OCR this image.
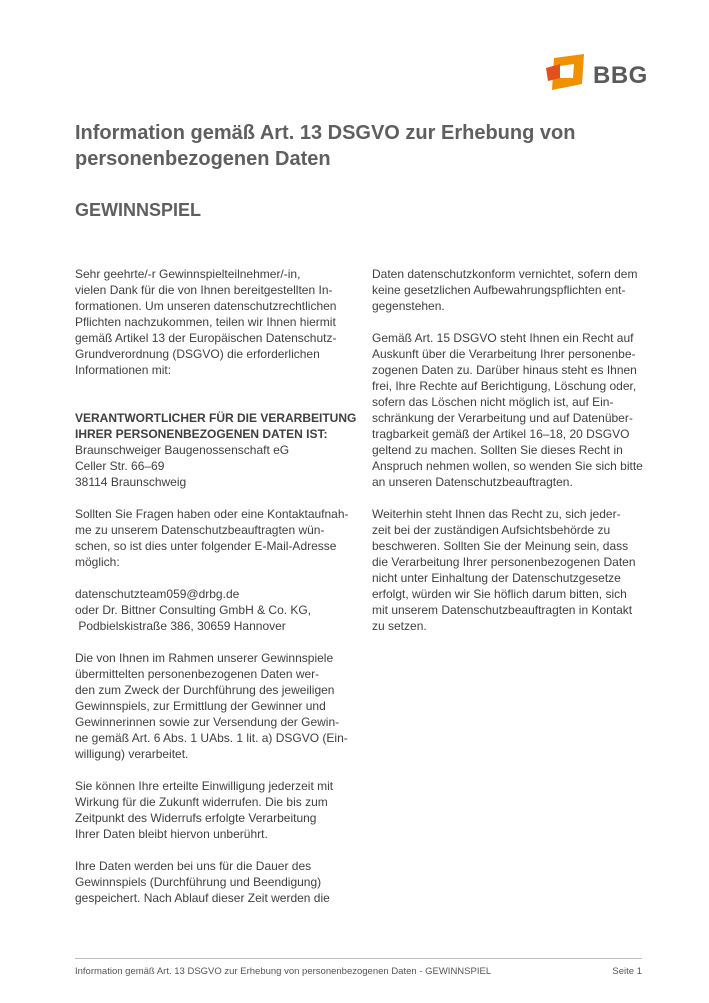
BBG
Information gemäß Art. 13 DSGVO zur Erhebung von personenbezogenen Daten
GEWINNSPIEL

Sehr geehrte/-r Gewinnspielteilnehmer/-in,
vielen Dank für die von Ihnen bereitgestellten In-
formationen. Um unseren datenschutzrechtlichen
Pflichten nachzukommen, teilen wir Ihnen hiermit
gemäß Artikel 13 der Europäischen Datenschutz-
Grundverordnung (DSGVO) die erforderlichen
Informationen mit:

VERANTWORTLICHER FÜR DIE VERARBEITUNG
IHRER PERSONENBEZOGENEN DATEN IST:
Braunschweiger Baugenossenschaft eG
Celler Str. 66–69
38114 Braunschweig

Sollten Sie Fragen haben oder eine Kontaktaufnah-
me zu unserem Datenschutzbeauftragten wün-
schen, so ist dies unter folgender E-Mail-Adresse
möglich:

datenschutzteam059@drbg.de
oder Dr. Bittner Consulting GmbH & Co. KG,
Podbielskistraße 386, 30659 Hannover

Die von Ihnen im Rahmen unserer Gewinnspiele
übermittelten personenbezogenen Daten wer-
den zum Zweck der Durchführung des jeweiligen
Gewinnspiels, zur Ermittlung der Gewinner und
Gewinnerinnen sowie zur Versendung der Gewin-
ne gemäß Art. 6 Abs. 1 UAbs. 1 lit. a) DSGVO (Ein-
willigung) verarbeitet.

Sie können Ihre erteilte Einwilligung jederzeit mit
Wirkung für die Zukunft widerrufen. Die bis zum
Zeitpunkt des Widerrufs erfolgte Verarbeitung
Ihrer Daten bleibt hiervon unberührt.

Ihre Daten werden bei uns für die Dauer des
Gewinnspiels (Durchführung und Beendigung)
gespeichert. Nach Ablauf dieser Zeit werden die

Daten datenschutzkonform vernichtet, sofern dem
keine gesetzlichen Aufbewahrungspflichten ent-
gegenstehen.

Gemäß Art. 15 DSGVO steht Ihnen ein Recht auf
Auskunft über die Verarbeitung Ihrer personenbe-
zogenen Daten zu. Darüber hinaus steht es Ihnen
frei, Ihre Rechte auf Berichtigung, Löschung oder,
sofern das Löschen nicht möglich ist, auf Ein-
schränkung der Verarbeitung und auf Datenüber-
tragbarkeit gemäß der Artikel 16–18, 20 DSGVO
geltend zu machen. Sollten Sie dieses Recht in
Anspruch nehmen wollen, so wenden Sie sich bitte
an unseren Datenschutzbeauftragten.

Weiterhin steht Ihnen das Recht zu, sich jeder-
zeit bei der zuständigen Aufsichtsbehörde zu
beschweren. Sollten Sie der Meinung sein, dass
die Verarbeitung Ihrer personenbezogenen Daten
nicht unter Einhaltung der Datenschutzgesetze
erfolgt, würden wir Sie höflich darum bitten, sich
mit unserem Datenschutzbeauftragten in Kontakt
zu setzen.

Information gemäß Art. 13 DSGVO zur Erhebung von personenbezogenen Daten - GEWINNSPIEL	Seite 1
